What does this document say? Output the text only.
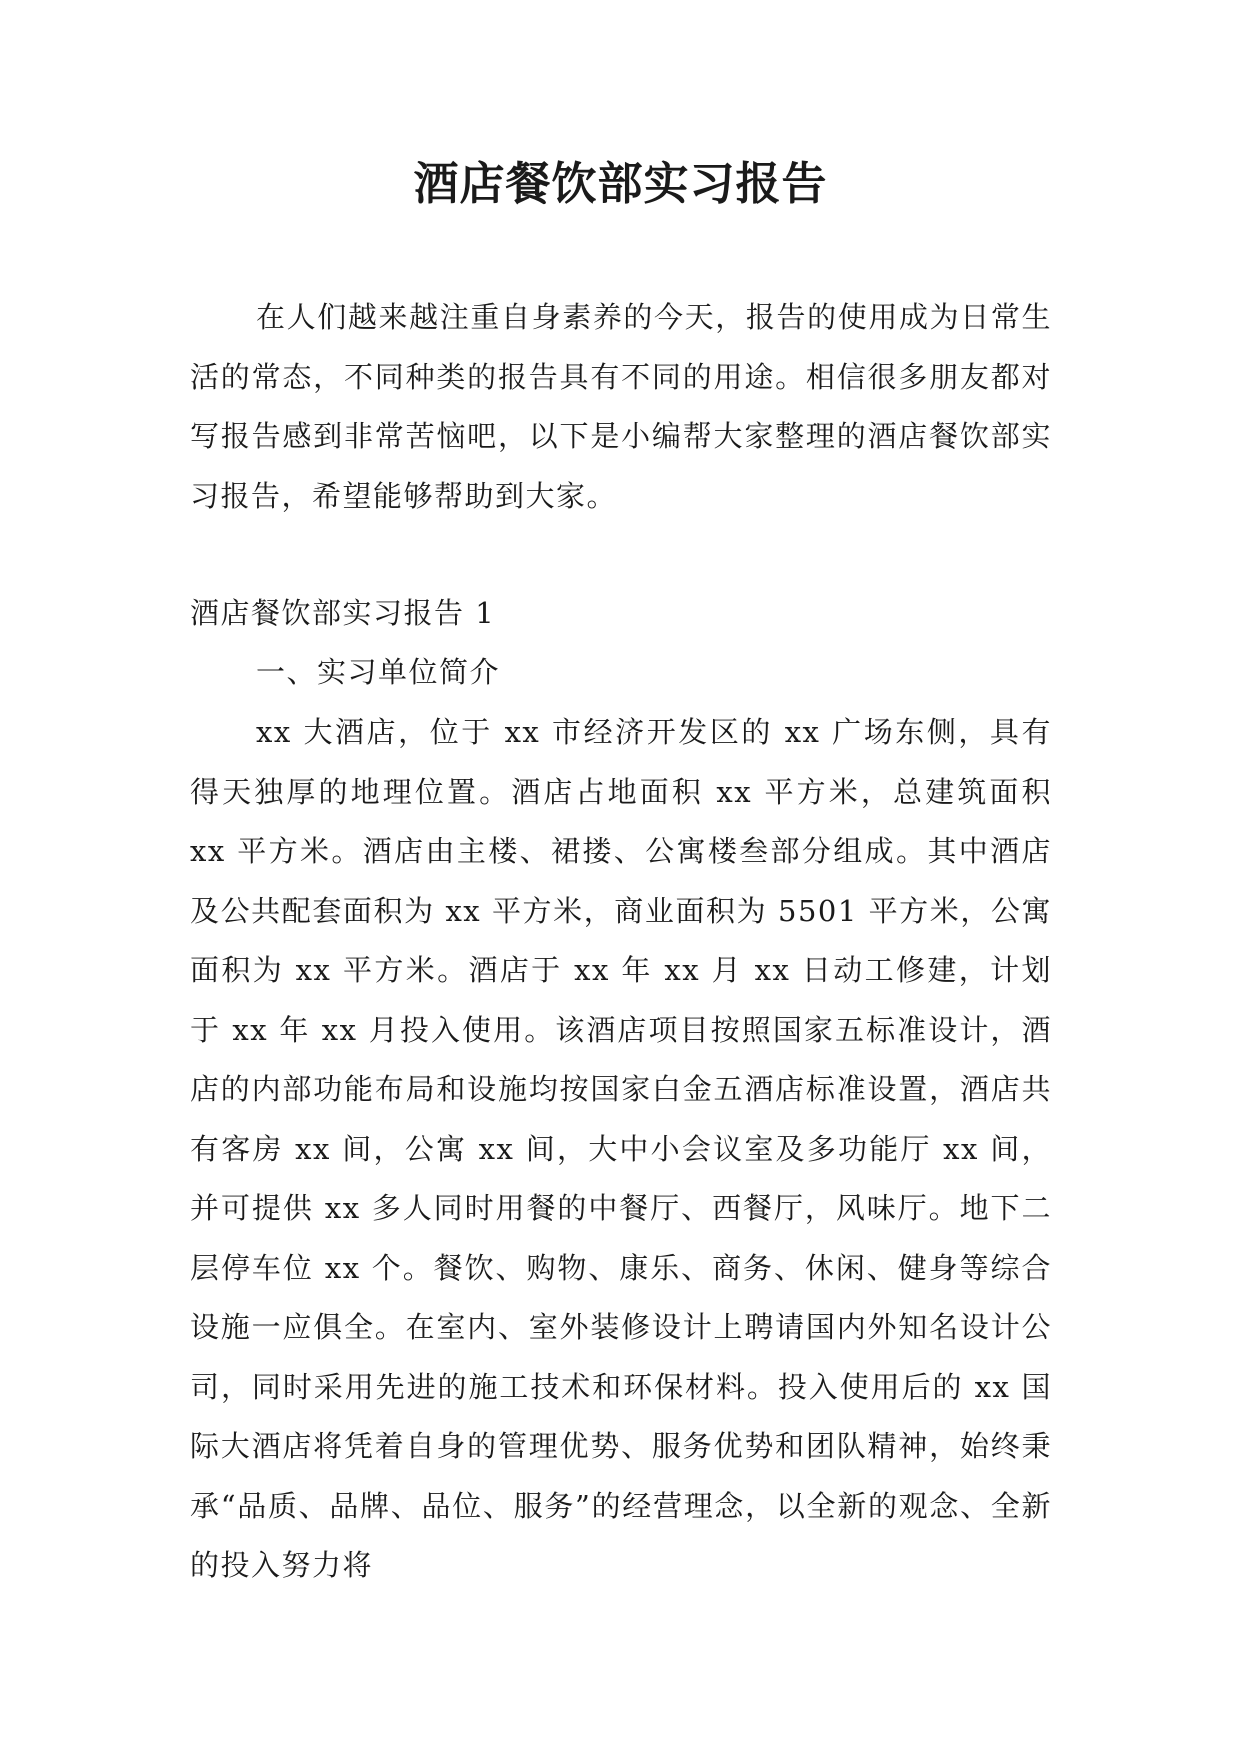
酒店餐饮部实习报告

在人们越来越注重自身素养的今天，报告的使用成为日常生活的常态，不同种类的报告具有不同的用途。相信很多朋友都对写报告感到非常苦恼吧，以下是小编帮大家整理的酒店餐饮部实习报告，希望能够帮助到大家。

酒店餐饮部实习报告 1

一、实习单位简介

xx 大酒店，位于 xx 市经济开发区的 xx 广场东侧，具有得天独厚的地理位置。酒店占地面积 xx 平方米，总建筑面积 xx 平方米。酒店由主楼、裙搂、公寓楼叁部分组成。其中酒店及公共配套面积为 xx 平方米，商业面积为 5501 平方米，公寓面积为 xx 平方米。酒店于 xx 年 xx 月 xx 日动工修建，计划于 xx 年 xx 月投入使用。该酒店项目按照国家五标准设计，酒店的内部功能布局和设施均按国家白金五酒店标准设置，酒店共有客房 xx 间，公寓 xx 间，大中小会议室及多功能厅 xx 间，并可提供 xx 多人同时用餐的中餐厅、西餐厅，风味厅。地下二层停车位 xx 个。餐饮、购物、康乐、商务、休闲、健身等综合设施一应俱全。在室内、室外装修设计上聘请国内外知名设计公司，同时采用先进的施工技术和环保材料。投入使用后的 xx 国际大酒店将凭着自身的管理优势、服务优势和团队精神，始终秉承“品质、品牌、品位、服务”的经营理念，以全新的观念、全新的投入努力将
